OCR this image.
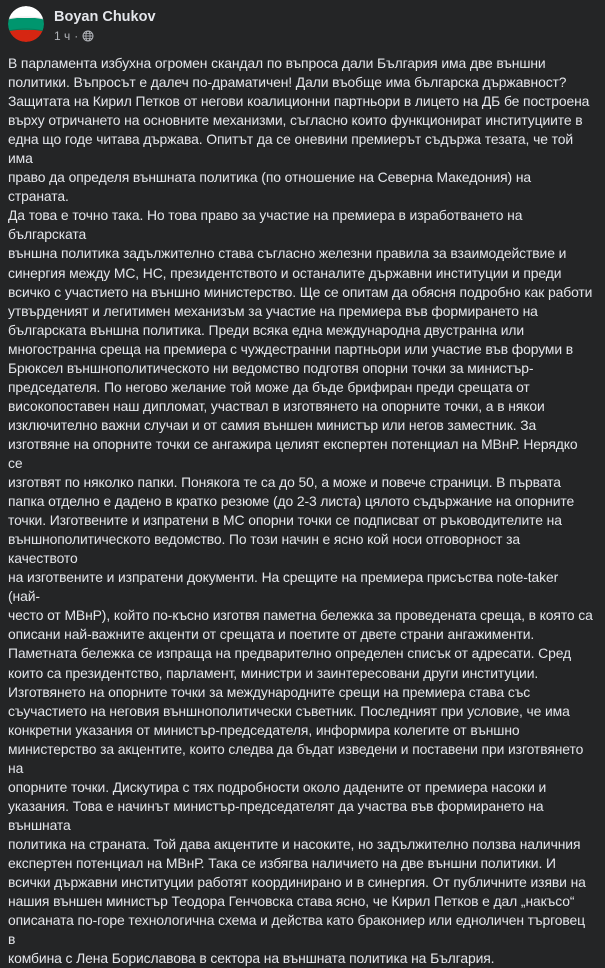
Boyan Chukov
1 ч ·
В парламента избухна огромен скандал по въпроса дали България има две външни
политики. Въпросът е далеч по-драматичен! Дали въобще има българска държавност?
Защитата на Кирил Петков от негови коалиционни партньори в лицето на ДБ бе построена
върху отричането на основните механизми, съгласно които функционират институциите в
една що годе читава държава. Опитът да се оневини премиерът съдържа тезата, че той има
право да определя външната политика (по отношение на Северна Македония) на страната.
Да това е точно така. Но това право за участие на премиера в изработването на българската
външна политика задължително става съгласно железни правила за взаимодействие и
синергия между МС, НС, президентството и останалите държавни институции и преди
всичко с участието на външно министерство. Ще се опитам да обясня подробно как работи
утвърденият и легитимен механизъм за участие на премиера във формирането на
българската външна политика. Преди всяка една международна двустранна или
многостранна среща на премиера с чуждестранни партньори или участие във форуми в
Брюксел външнополитическото ни ведомство подготвя опорни точки за министър-
председателя. По негово желание той може да бъде брифиран преди срещата от
високопоставен наш дипломат, участвал в изготвянето на опорните точки, а в някои
изключително важни случаи и от самия външен министър или негов заместник. За
изготвяне на опорните точки се ангажира целият експертен потенциал на МВнР. Нерядко се
изготвят по няколко папки. Понякога те са до 50, а може и повече страници. В първата
папка отделно е дадено в кратко резюме (до 2-3 листа) цялото съдържание на опорните
точки. Изготвените и изпратени в МС опорни точки се подписват от ръководителите на
външнополитическото ведомство. По този начин е ясно кой носи отговорност за качеството
на изготвените и изпратени документи. На срещите на премиера присъства note-taker (най-
често от МВнР), който по-късно изготвя паметна бележка за проведената среща, в която са
описани най-важните акценти от срещата и поетите от двете страни ангажименти.
Паметната бележка се изпраща на предварително определен списък от адресати. Сред
които са президентство, парламент, министри и заинтересовани други институции.
Изготвянето на опорните точки за международните срещи на премиера става със
съучастието на неговия външнополитически съветник. Последният при условие, че има
конкретни указания от министър-председателя, информира колегите от външно
министерство за акцентите, които следва да бъдат изведени и поставени при изготвянето на
опорните точки. Дискутира с тях подробности около дадените от премиера насоки и
указания. Това е начинът министър-председателят да участва във формирането на външната
политика на страната. Той дава акцентите и насоките, но задължително ползва наличния
експертен потенциал на МВнР. Така се избягва наличието на две външни политики. И
всички държавни институции работят координирано и в синергия. От публичните изяви на
нашия външен министър Теодора Генчовска става ясно, че Кирил Петков е дал „накъсо“
описаната по-горе технологична схема и действа като бракониер или едноличен търговец в
комбина с Лена Бориславова в сектора на външната политика на България.
